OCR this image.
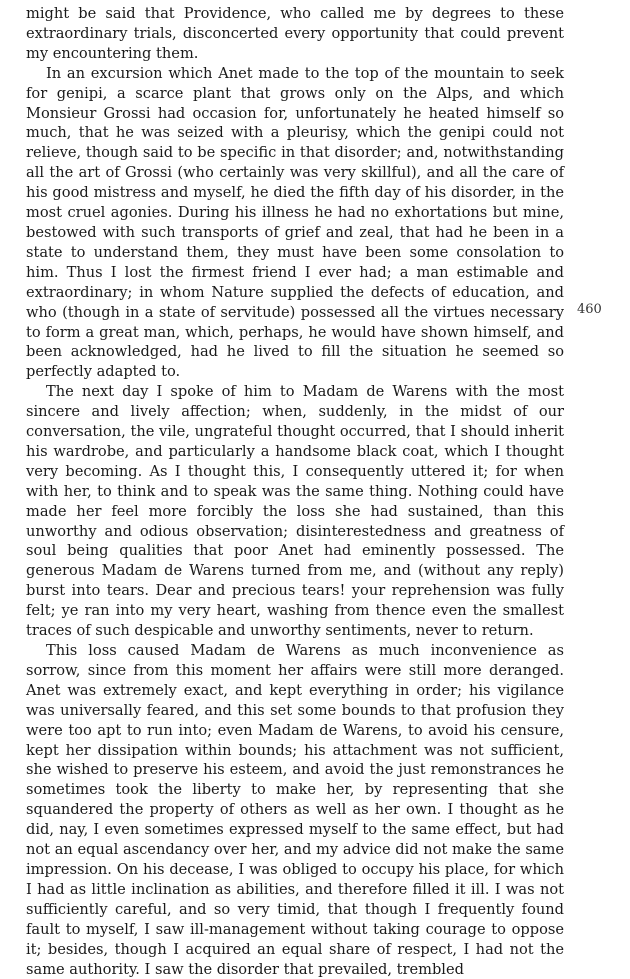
might be said that Providence, who called me by degrees to these extraordinary trials, disconcerted every opportunity that could prevent my encountering them.

In an excursion which Anet made to the top of the mountain to seek for genipi, a scarce plant that grows only on the Alps, and which Monsieur Grossi had occasion for, unfortunately he heated himself so much, that he was seized with a pleurisy, which the genipi could not relieve, though said to be specific in that disorder; and, notwithstanding all the art of Grossi (who certainly was very skillful), and all the care of his good mistress and myself, he died the fifth day of his disorder, in the most cruel agonies. During his illness he had no exhortations but mine, bestowed with such transports of grief and zeal, that had he been in a state to understand them, they must have been some consolation to him. Thus I lost the firmest friend I ever had; a man estimable and extraordinary; in whom Nature supplied the defects of education, and who (though in a state of servitude) possessed all the virtues necessary to form a great man, which, perhaps, he would have shown himself, and been acknowledged, had he lived to fill the situation he seemed so perfectly adapted to.

The next day I spoke of him to Madam de Warens with the most sincere and lively affection; when, suddenly, in the midst of our conversation, the vile, ungrateful thought occurred, that I should inherit his wardrobe, and particularly a handsome black coat, which I thought very becoming. As I thought this, I consequently uttered it; for when with her, to think and to speak was the same thing. Nothing could have made her feel more forcibly the loss she had sustained, than this unworthy and odious observation; disinterestedness and greatness of soul being qualities that poor Anet had eminently possessed. The generous Madam de Warens turned from me, and (without any reply) burst into tears. Dear and precious tears! your reprehension was fully felt; ye ran into my very heart, washing from thence even the smallest traces of such despicable and unworthy sentiments, never to return.

This loss caused Madam de Warens as much inconvenience as sorrow, since from this moment her affairs were still more deranged. Anet was extremely exact, and kept everything in order; his vigilance was universally feared, and this set some bounds to that profusion they were too apt to run into; even Madam de Warens, to avoid his censure, kept her dissipation within bounds; his attachment was not sufficient, she wished to preserve his esteem, and avoid the just remonstrances he sometimes took the liberty to make her, by representing that she squandered the property of others as well as her own. I thought as he did, nay, I even sometimes expressed myself to the same effect, but had not an equal ascendancy over her, and my advice did not make the same impression. On his decease, I was obliged to occupy his place, for which I had as little inclination as abilities, and therefore filled it ill. I was not sufficiently careful, and so very timid, that though I frequently found fault to myself, I saw ill-management without taking courage to oppose it; besides, though I acquired an equal share of respect, I had not the same authority. I saw the disorder that prevailed, trembled

460
